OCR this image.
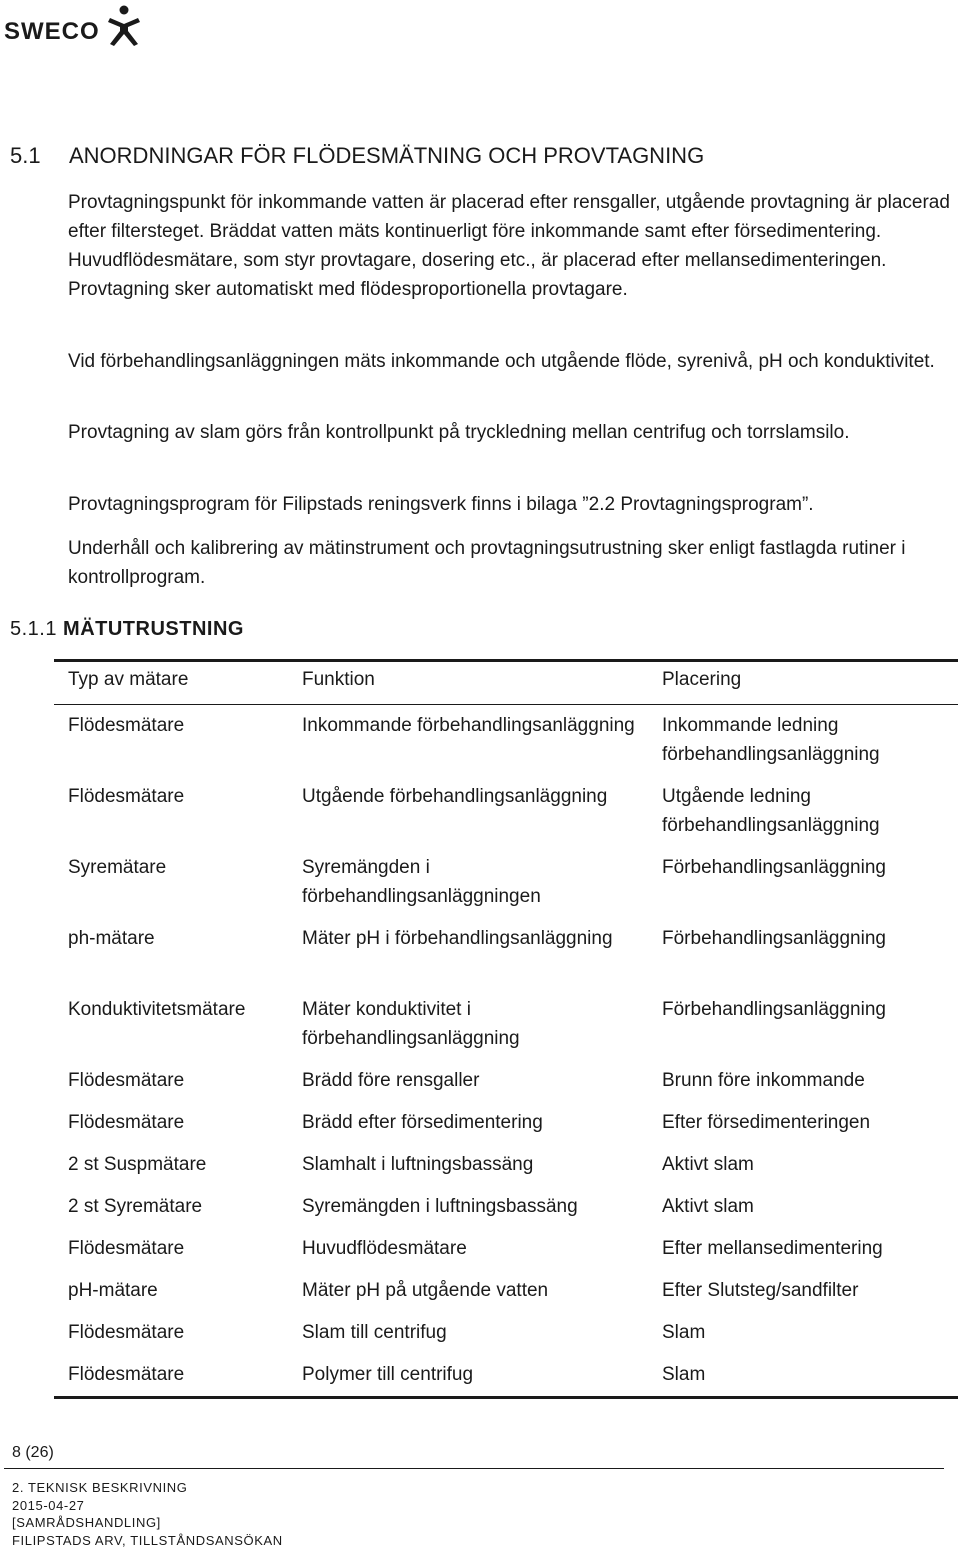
SWECO
5.1 ANORDNINGAR FÖR FLÖDESMÄTNING OCH PROVTAGNING

Provtagningspunkt för inkommande vatten är placerad efter rensgaller, utgående provtagning är placerad efter filtersteget. Bräddat vatten mäts kontinuerligt före inkommande samt efter försedimentering. Huvudflödesmätare, som styr provtagare, dosering etc., är placerad efter mellansedimenteringen. Provtagning sker automatiskt med flödesproportionella provtagare.

Vid förbehandlingsanläggningen mäts inkommande och utgående flöde, syrenivå, pH och konduktivitet.

Provtagning av slam görs från kontrollpunkt på tryckledning mellan centrifug och torrslamsilo.

Provtagningsprogram för Filipstads reningsverk finns i bilaga ”2.2 Provtagningsprogram”.

Underhåll och kalibrering av mätinstrument och provtagningsutrustning sker enligt fastlagda rutiner i kontrollprogram.

5.1.1 MÄTUTRUSTNING
Typ av mätare	Funktion	Placering
Flödesmätare	Inkommande förbehandlingsanläggning	Inkommande ledning förbehandlingsanläggning
Flödesmätare	Utgående förbehandlingsanläggning	Utgående ledning förbehandlingsanläggning
Syremätare	Syremängden i förbehandlingsanläggningen	Förbehandlingsanläggning
ph-mätare	Mäter pH i förbehandlingsanläggning	Förbehandlingsanläggning
Konduktivitetsmätare	Mäter konduktivitet i förbehandlingsanläggning	Förbehandlingsanläggning
Flödesmätare	Brädd före rensgaller	Brunn före inkommande
Flödesmätare	Brädd efter försedimentering	Efter försedimenteringen
2 st Suspmätare	Slamhalt i luftningsbassäng	Aktivt slam
2 st Syremätare	Syremängden i luftningsbassäng	Aktivt slam
Flödesmätare	Huvudflödesmätare	Efter mellansedimentering
pH-mätare	Mäter pH på utgående vatten	Efter Slutsteg/sandfilter
Flödesmätare	Slam till centrifug	Slam
Flödesmätare	Polymer till centrifug	Slam
8 (26)
2. TEKNISK BESKRIVNING
2015-04-27
[SAMRÅDSHANDLING]
FILIPSTADS ARV, TILLSTÅNDSANSÖKAN
